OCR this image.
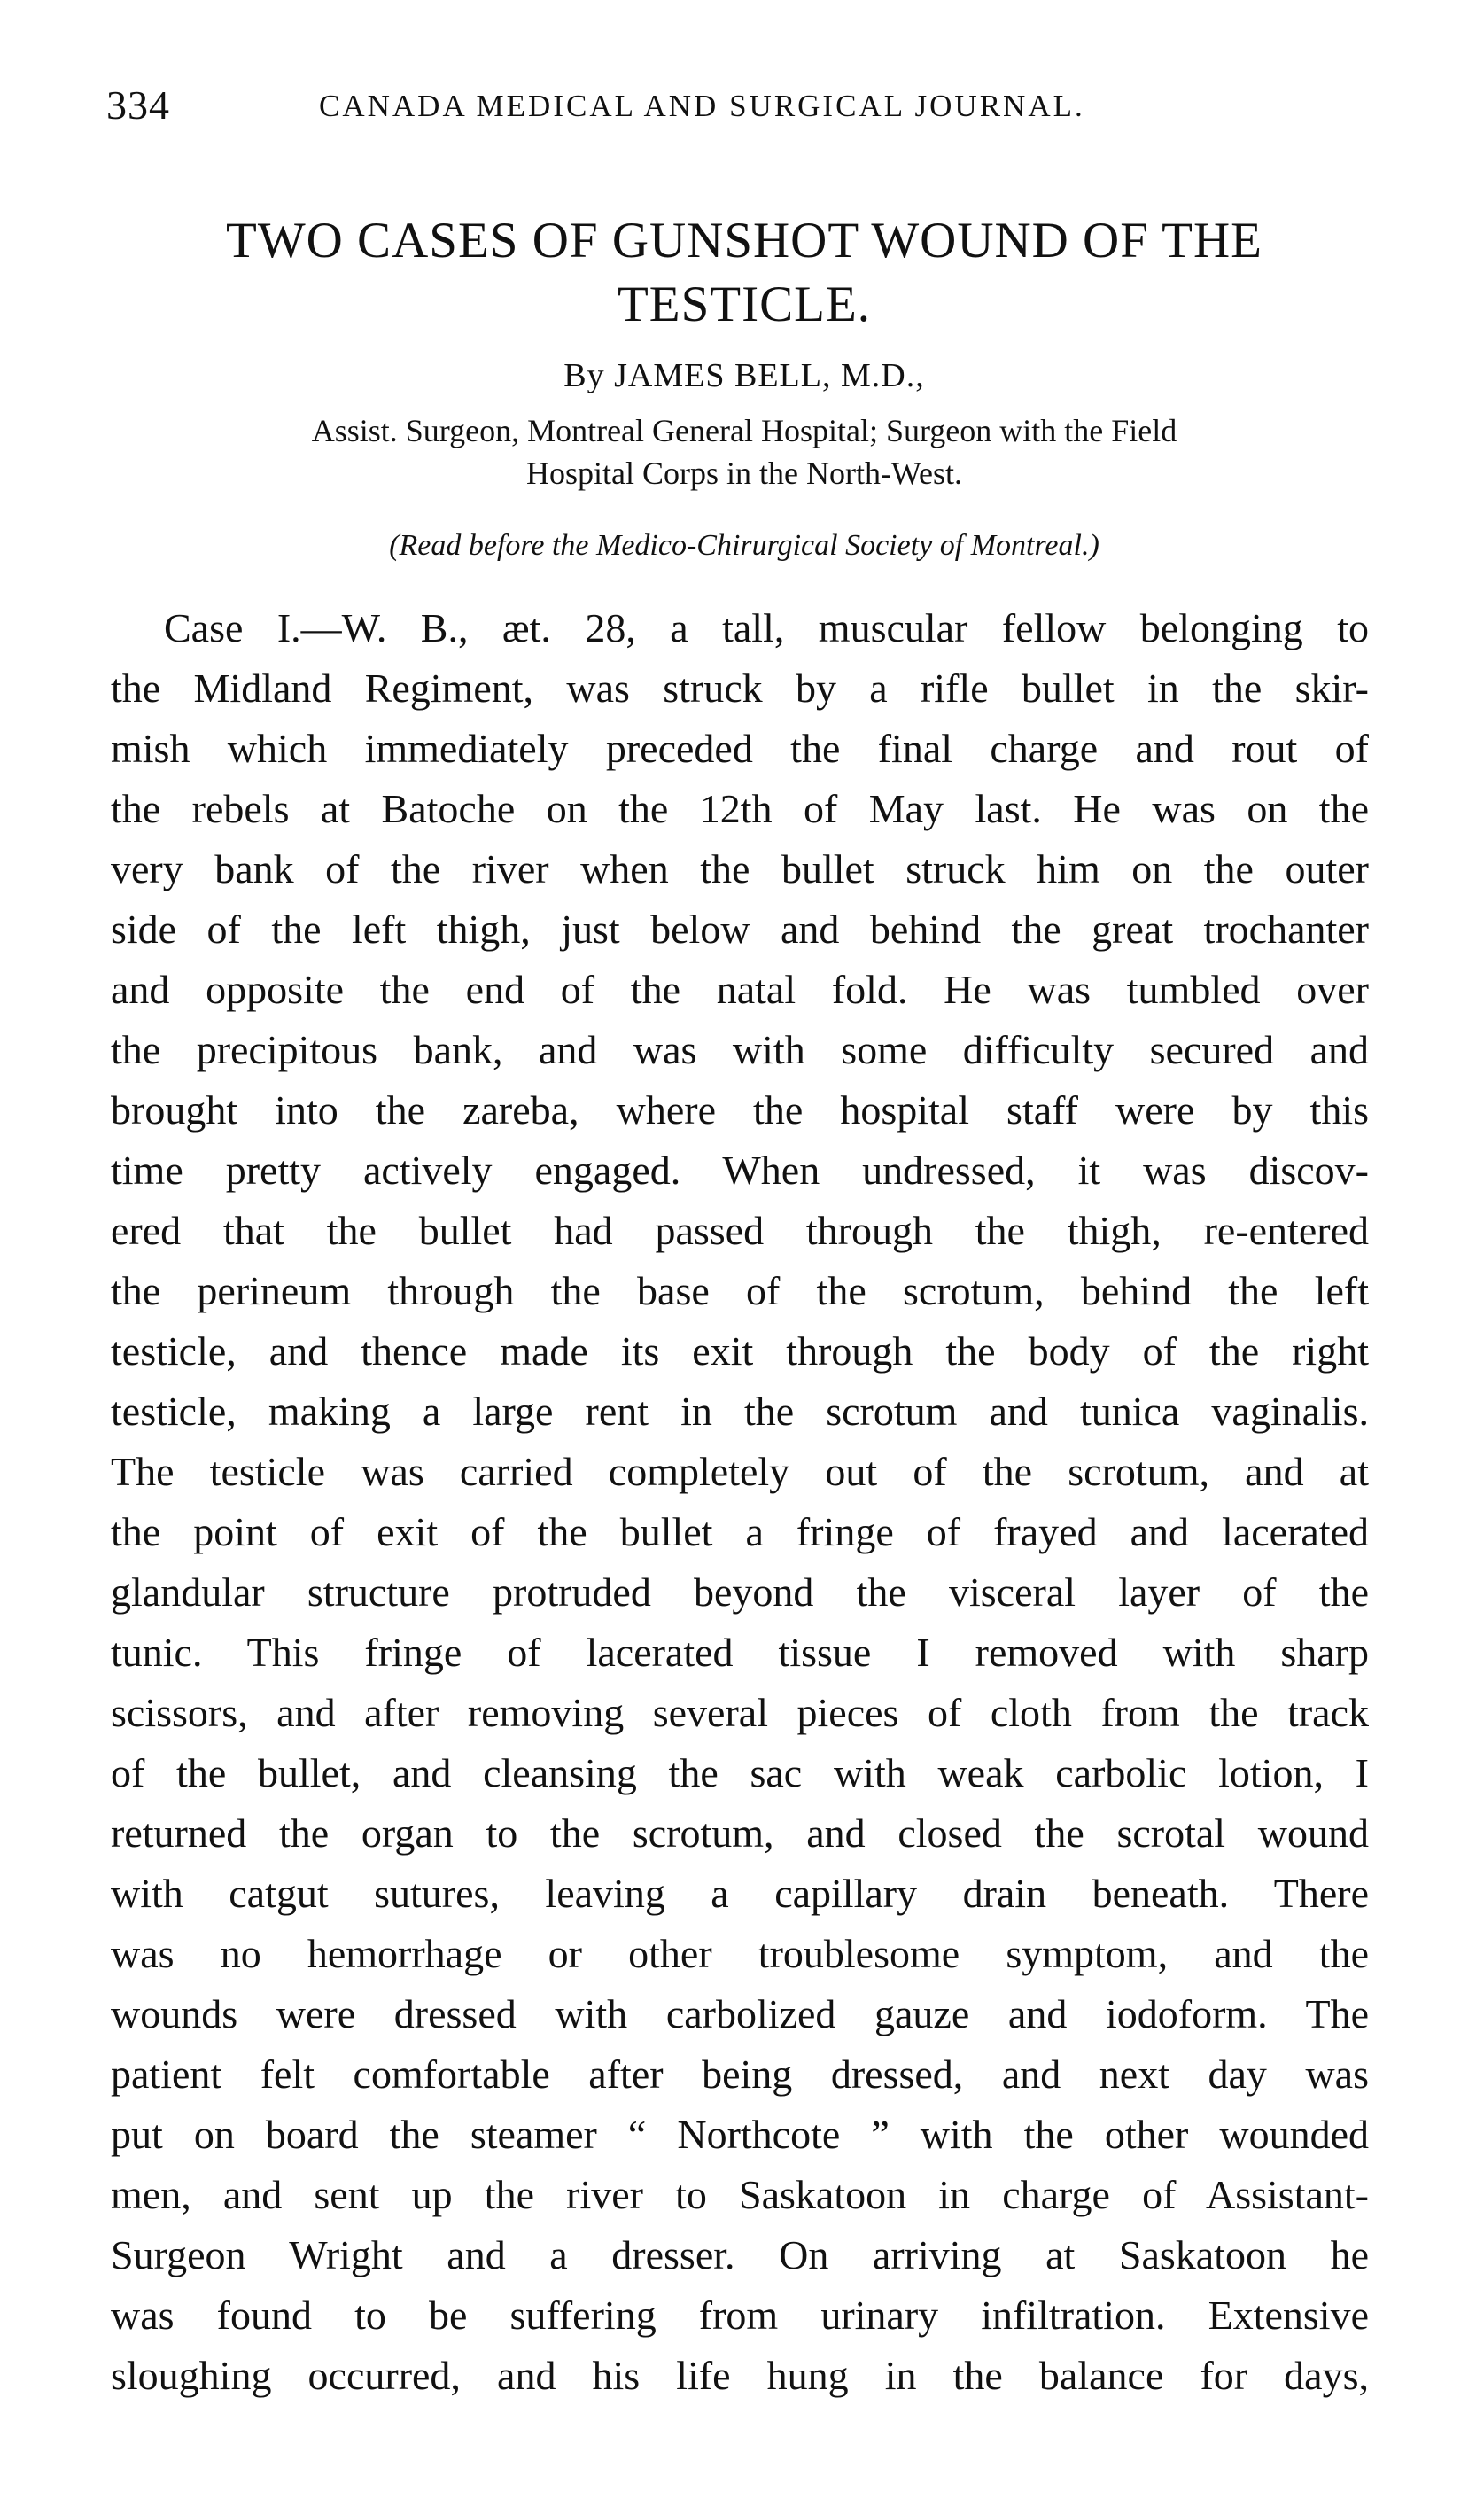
334	CANADA MEDICAL AND SURGICAL JOURNAL.
TWO CASES OF GUNSHOT WOUND OF THE
TESTICLE.
By JAMES BELL, M.D.,
Assist. Surgeon, Montreal General Hospital; Surgeon with the Field
Hospital Corps in the North-West.
(Read before the Medico-Chirurgical Society of Montreal.)
Case I.—W. B., æt. 28, a tall, muscular fellow belonging to
the Midland Regiment, was struck by a rifle bullet in the skir-
mish which immediately preceded the final charge and rout of
the rebels at Batoche on the 12th of May last. He was on the
very bank of the river when the bullet struck him on the outer
side of the left thigh, just below and behind the great trochanter
and opposite the end of the natal fold. He was tumbled over
the precipitous bank, and was with some difficulty secured and
brought into the zareba, where the hospital staff were by this
time pretty actively engaged. When undressed, it was discov-
ered that the bullet had passed through the thigh, re-entered
the perineum through the base of the scrotum, behind the left
testicle, and thence made its exit through the body of the right
testicle, making a large rent in the scrotum and tunica vaginalis.
The testicle was carried completely out of the scrotum, and at
the point of exit of the bullet a fringe of frayed and lacerated
glandular structure protruded beyond the visceral layer of the
tunic. This fringe of lacerated tissue I removed with sharp
scissors, and after removing several pieces of cloth from the track
of the bullet, and cleansing the sac with weak carbolic lotion, I
returned the organ to the scrotum, and closed the scrotal wound
with catgut sutures, leaving a capillary drain beneath. There
was no hemorrhage or other troublesome symptom, and the
wounds were dressed with carbolized gauze and iodoform. The
patient felt comfortable after being dressed, and next day was
put on board the steamer “ Northcote ” with the other wounded
men, and sent up the river to Saskatoon in charge of Assistant-
Surgeon Wright and a dresser. On arriving at Saskatoon he
was found to be suffering from urinary infiltration. Extensive
sloughing occurred, and his life hung in the balance for days,
